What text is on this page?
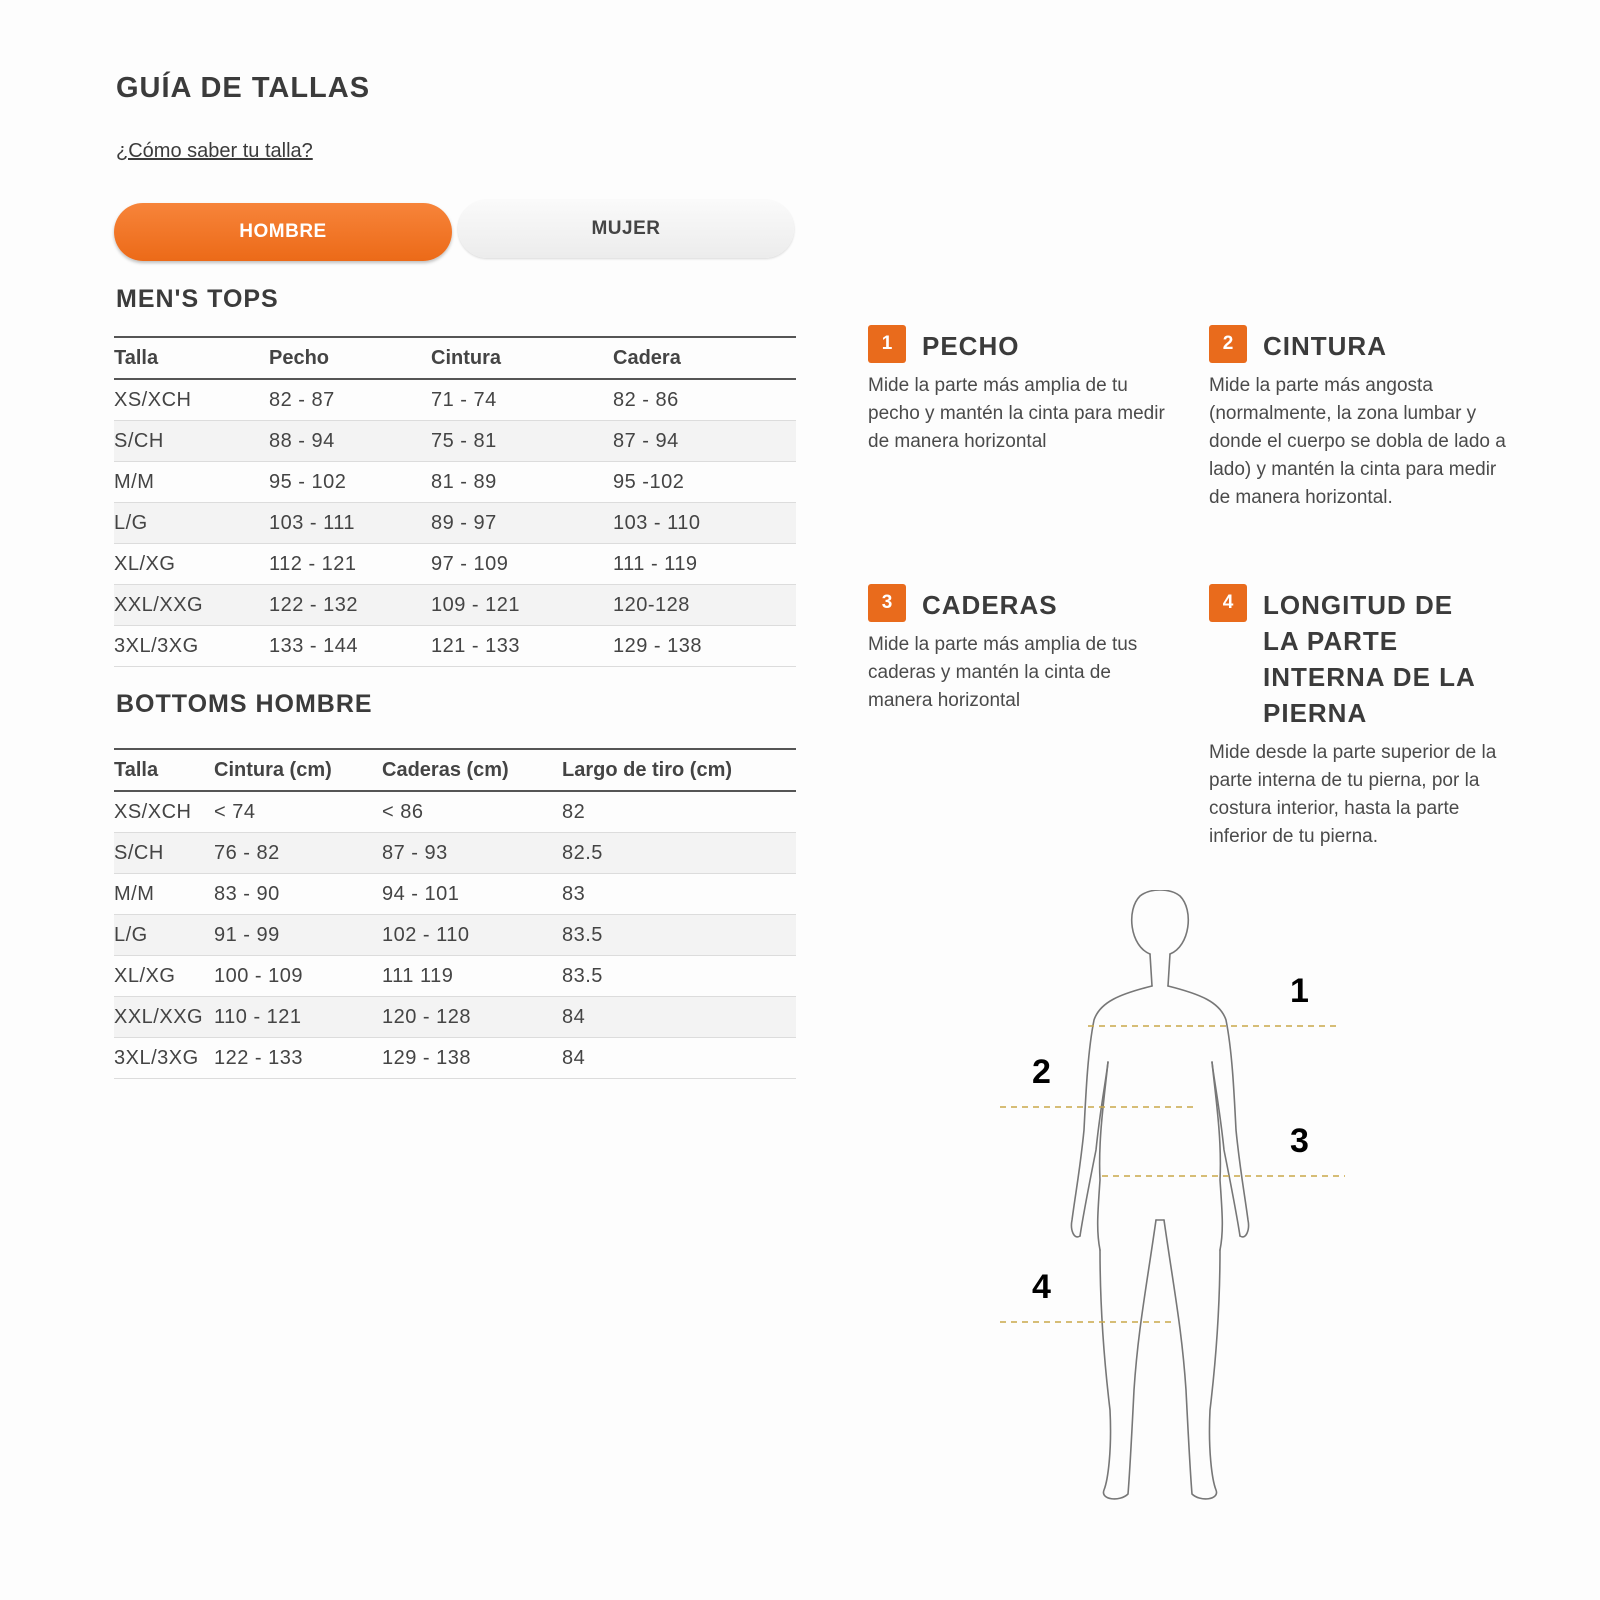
GUÍA DE TALLAS
¿Cómo saber tu talla?
HOMBRE	MUJER
MEN'S TOPS
Talla	Pecho	Cintura	Cadera
XS/XCH	82 - 87	71 - 74	82 - 86
S/CH	88 - 94	75 - 81	87 - 94
M/M	95 - 102	81 - 89	95 -102
L/G	103 - 111	89 - 97	103 - 110
XL/XG	112 - 121	97 - 109	111 - 119
XXL/XXG	122 - 132	109 - 121	120-128
3XL/3XG	133 - 144	121 - 133	129 - 138
BOTTOMS HOMBRE
Talla	Cintura (cm)	Caderas (cm)	Largo de tiro (cm)
XS/XCH	< 74	< 86	82
S/CH	76 - 82	87 - 93	82.5
M/M	83 - 90	94 - 101	83
L/G	91 - 99	102 - 110	83.5
XL/XG	100 - 109	111 119	83.5
XXL/XXG	110 - 121	120 - 128	84
3XL/3XG	122 - 133	129 - 138	84
1	PECHO

Mide la parte más amplia de tu pecho y mantén la cinta para medir de manera horizontal

2	CINTURA

Mide la parte más angosta (normalmente, la zona lumbar y donde el cuerpo se dobla de lado a lado) y mantén la cinta para medir de manera horizontal.

3	CADERAS

Mide la parte más amplia de tus caderas y mantén la cinta de manera horizontal

4	LONGITUD DE LA PARTE INTERNA DE LA PIERNA

Mide desde la parte superior de la parte interna de tu pierna, por la costura interior, hasta la parte inferior de tu pierna.

1
2
3
4
